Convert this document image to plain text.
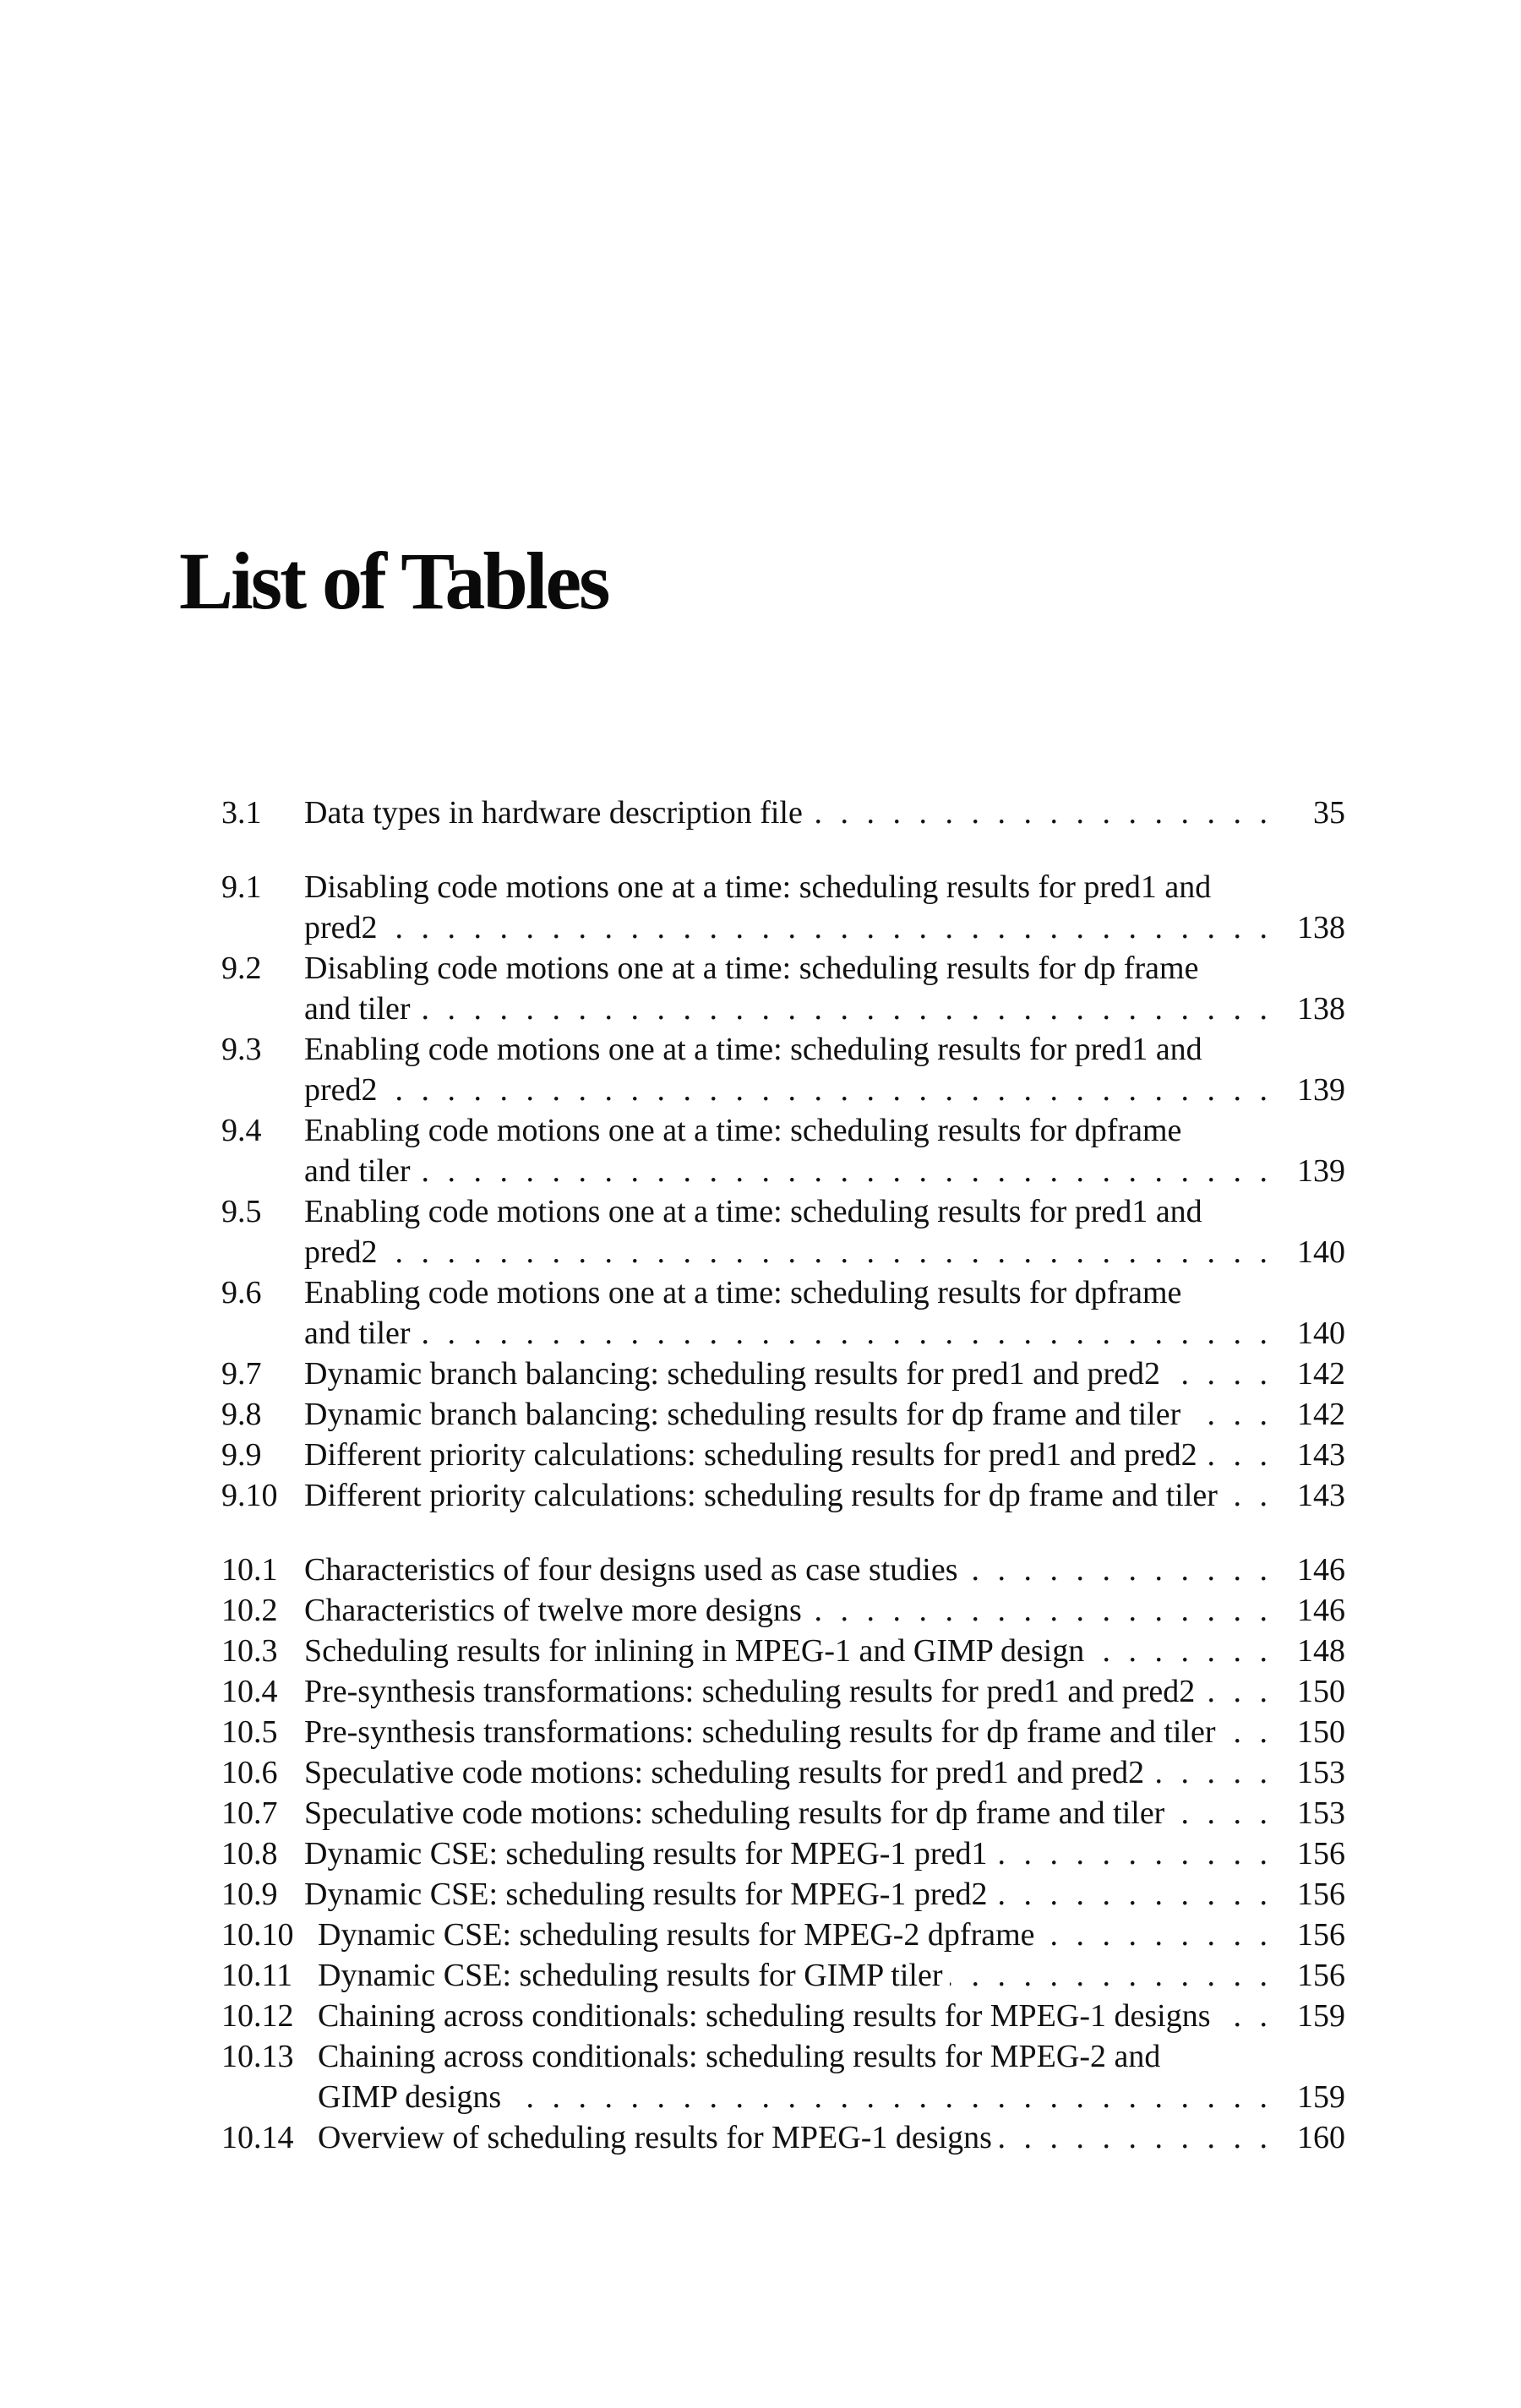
List of Tables
3.1	Data types in hardware description file . . .	35
9.1	Disabling code motions one at a time: scheduling results for pred1 and
pred2 . . .	138
9.2	Disabling code motions one at a time: scheduling results for dp frame
and tiler . . .	138
9.3	Enabling code motions one at a time: scheduling results for pred1 and
pred2 . . .	139
9.4	Enabling code motions one at a time: scheduling results for dpframe
and tiler . . .	139
9.5	Enabling code motions one at a time: scheduling results for pred1 and
pred2 . . .	140
9.6	Enabling code motions one at a time: scheduling results for dpframe
and tiler . . .	140
9.7	Dynamic branch balancing: scheduling results for pred1 and pred2 . . .	142
9.8	Dynamic branch balancing: scheduling results for dp frame and tiler . . .	142
9.9	Different priority calculations: scheduling results for pred1 and pred2 . . .	143
9.10 Different priority calculations: scheduling results for dp frame and tiler . . . 143
10.1 Characteristics of four designs used as case studies . . .	146
10.2 Characteristics of twelve more designs . . .	146
10.3 Scheduling results for inlining in MPEG-1 and GIMP design . . .	148
10.4 Pre-synthesis transformations: scheduling results for pred1 and pred2 . . .	150
10.5 Pre-synthesis transformations: scheduling results for dp frame and tiler . . .	150
10.6 Speculative code motions: scheduling results for pred1 and pred2 . . .	153
10.7 Speculative code motions: scheduling results for dp frame and tiler . . .	153
10.8 Dynamic CSE: scheduling results for MPEG-1 pred1 . . .	156
10.9 Dynamic CSE: scheduling results for MPEG-1 pred2 . . .	156
10.10 Dynamic CSE: scheduling results for MPEG-2 dpframe . . .	156
10.11 Dynamic CSE: scheduling results for GIMP tiler . . .	156
10.12 Chaining across conditionals: scheduling results for MPEG-1 designs . . .	159
10.13 Chaining across conditionals: scheduling results for MPEG-2 and
GIMP designs . . .	159
10.14 Overview of scheduling results for MPEG-1 designs . . .	160
